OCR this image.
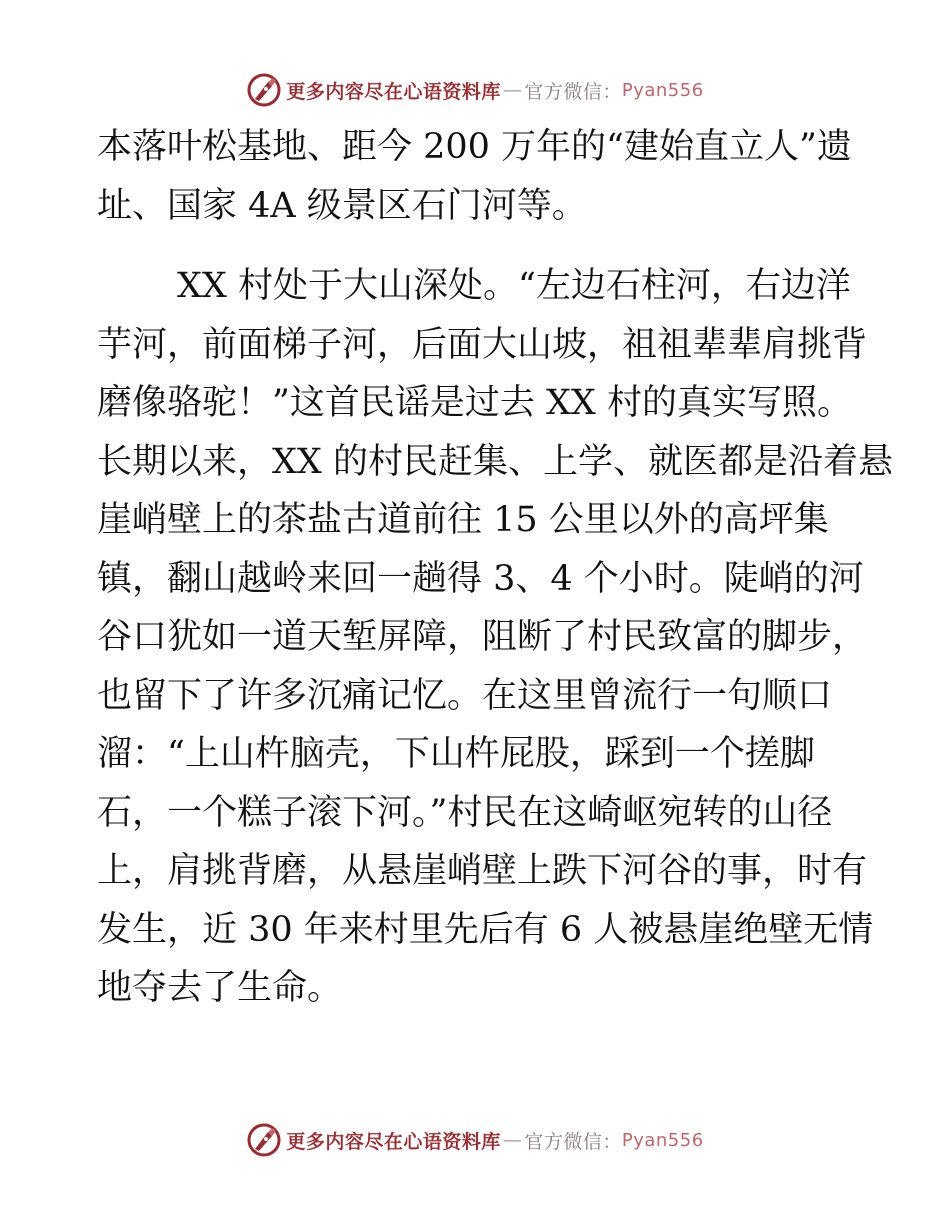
更多内容尽在心语资料库 — 官方微信： Pyan556
本落叶松基地、距今 200 万年的“建始直立人”遗
址、国家 4A 级景区石门河等。
XX 村处于大山深处。“左边石柱河，右边洋
芋河，前面梯子河，后面大山坡，祖祖辈辈肩挑背
磨像骆驼！”这首民谣是过去 XX 村的真实写照。
长期以来，XX 的村民赶集、上学、就医都是沿着悬
崖峭壁上的茶盐古道前往 15 公里以外的高坪集
镇，翻山越岭来回一趟得 3、4 个小时。陡峭的河
谷口犹如一道天堑屏障，阻断了村民致富的脚步，
也留下了许多沉痛记忆。在这里曾流行一句顺口
溜：“上山杵脑壳，下山杵屁股，踩到一个搓脚
石，一个糕子滚下河。”村民在这崎岖宛转的山径
上，肩挑背磨，从悬崖峭壁上跌下河谷的事，时有
发生，近 30 年来村里先后有 6 人被悬崖绝壁无情
地夺去了生命。
更多内容尽在心语资料库 — 官方微信： Pyan556
